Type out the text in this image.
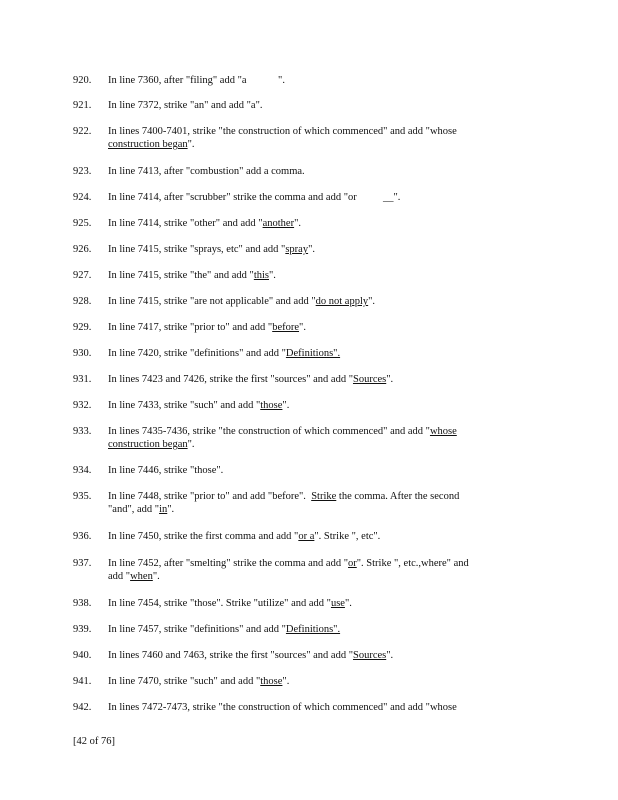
920.	In line 7360, after "filing" add "a	".
921.	In line 7372, strike "an" and add "a".
922.	In lines 7400-7401, strike "the construction of which commenced" and add "whose
construction began".
923.	In line 7413, after "combustion" add a comma.
924.	In line 7414, after "scrubber" strike the comma and add "or	__".
925.	In line 7414, strike "other" and add "another".
926.	In line 7415, strike "sprays, etc" and add "spray".
927.	In line 7415, strike "the" and add "this".
928.	In line 7415, strike "are not applicable" and add "do not apply".
929.	In line 7417, strike "prior to" and add "before".
930.	In line 7420, strike "definitions" and add "Definitions".
931.	In lines 7423 and 7426, strike the first "sources" and add "Sources".
932.	In line 7433, strike "such" and add "those".
933.	In lines 7435-7436, strike "the construction of which commenced" and add "whose
construction began".
934.	In line 7446, strike "those".
935.	In line 7448, strike "prior to" and add "before". Strike the comma. After the second
"and", add "in".
936.	In line 7450, strike the first comma and add "or a". Strike ", etc".
937.	In line 7452, after "smelting" strike the comma and add "or". Strike ", etc.,where" and
add "when".
938.	In line 7454, strike "those". Strike "utilize" and add "use".
939.	In line 7457, strike "definitions" and add "Definitions".
940.	In lines 7460 and 7463, strike the first "sources" and add "Sources".
941.	In line 7470, strike "such" and add "those".
942.	In lines 7472-7473, strike "the construction of which commenced" and add "whose
[42 of 76]
